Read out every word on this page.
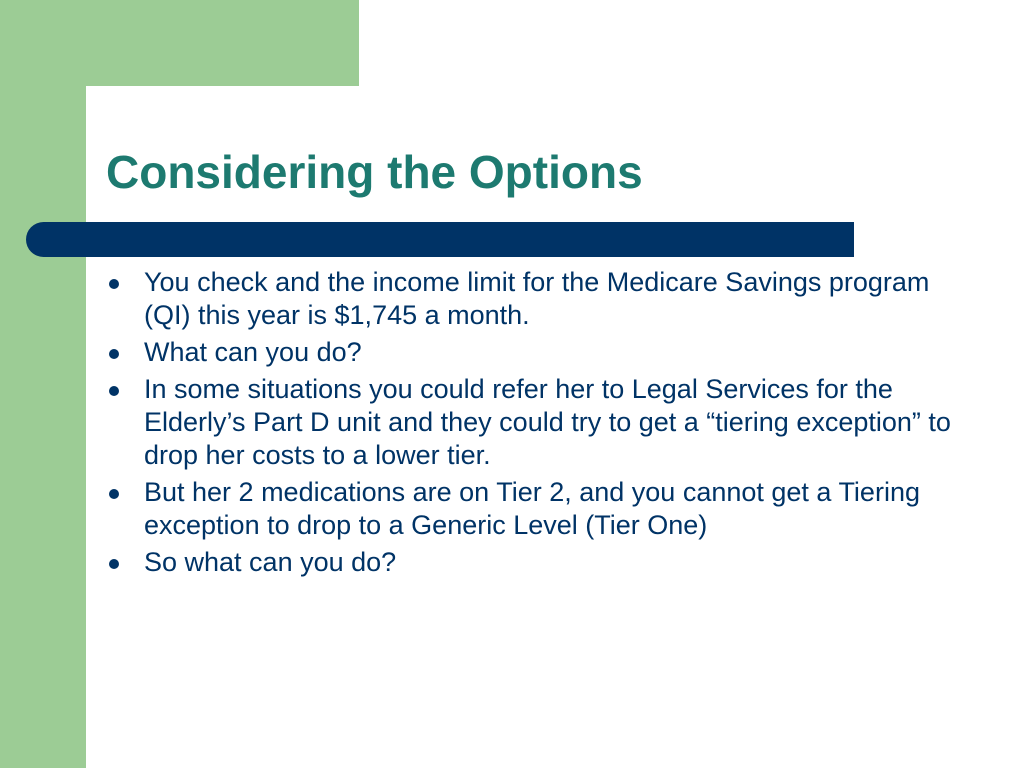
Considering the Options
You check and the income limit for the Medicare Savings program (QI) this year is $1,745 a month.
What can you do?
In some situations you could refer her to Legal Services for the Elderly’s Part D unit and they could try to get a “tiering exception” to drop her costs to a lower tier.
But her 2 medications are on Tier 2, and you cannot get a Tiering exception to drop to a Generic Level (Tier One)
So what can you do?
